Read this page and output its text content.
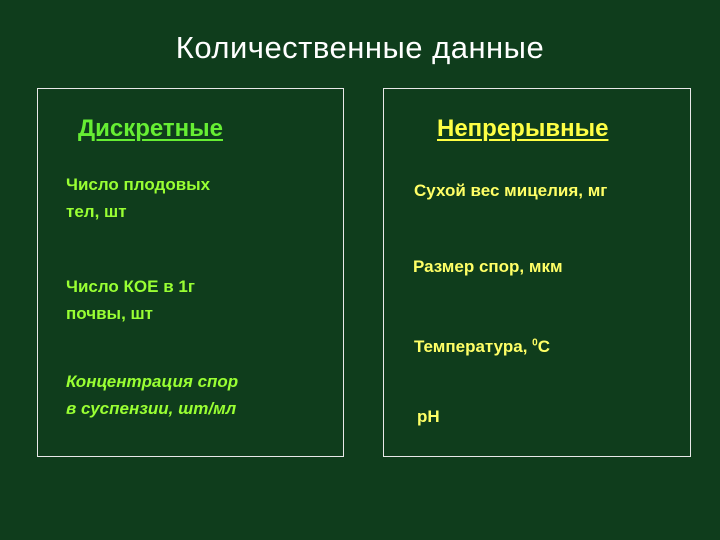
Количественные данные
Дискретные
Число плодовых
тел, шт
Число КОЕ в 1г
почвы, шт
Концентрация спор
в суспензии, шт/мл
Непрерывные
Сухой вес мицелия, мг
Размер спор, мкм
Температура, $^0$С
рН
